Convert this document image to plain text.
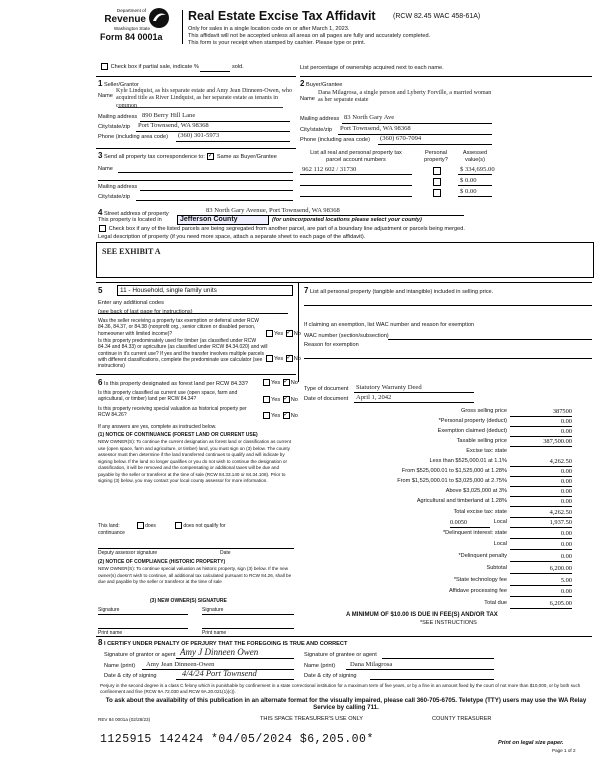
Department of
Revenue
Washington State
Form 84 0001a
Real Estate Excise Tax Affidavit (RCW 82.45 WAC 458-61A)
Only for sales in a single location code on or after March 1, 2023.
This affidavit will not be accepted unless all areas on all pages are fully and accurately completed.
This form is your receipt when stamped by cashier. Please type or print.
Check box if partial sale, indicate %	sold.	List percentage of ownership acquired next to each name.
1 Seller/Grantor
Name
Kyle Lindquist, as his separate estate and Amy Jean Dinneen-Owen, who acquired title as River Lindquist, as her separate estate as tenants in common
Mailing address 890 Berry Hill Lane
City/state/zip Port Townsend, WA 98368
Phone (including area code) (360) 301-5973
2 Buyer/Grantee
Name
Dana Milagrosa, a single person and Lyberty Forville, a married woman as her separate estate
Mailing address 83 North Gary Ave
City/state/zip Port Townsend, WA 98368
Phone (including area code) (360) 670-7094
3 Send all property tax correspondence to: ✓ Same as Buyer/Grantee
Name
Mailing address
City/state/zip
List all real and personal property tax parcel account numbers
Personal property?
Assessed value(s)
962 112 602 / 31730	$ 334,695.00
$ 0.00
$ 0.00
4 Street address of property	83 North Gary Avenue, Port Townsend, WA 98368
This property is located in	Jefferson County	(for unincorporated locations please select your county)
Check box if any of the listed parcels are being segregated from another parcel, are part of a boundary line adjustment or parcels being merged.
Legal description of property (if you need more space, attach a separate sheet to each page of the affidavit).
SEE EXHIBIT A
5	11 - Household, single family units
Enter any additional codes
(see back of last page for instructions)
Was the seller receiving a property tax exemption or deferral under RCW 84.36, 84.37, or 84.38 (nonprofit org., senior citizen or disabled person, homeowner with limited income)?	Yes ✓ No
Is this property predominately used for timber (as classified under RCW 84.34 and 84.33) or agriculture (as classified under RCW 84.34.020) and will continue in it's current use? If yes and the transfer involves multiple parcels with different classifications, complete the predominate use calculator (see instructions)
Yes ✓ No
7 List all personal property (tangible and intangible) included in selling price.
If claiming an exemption, list WAC number and reason for exemption
WAC number (section/subsection)
Reason for exemption
6 Is this property designated as forest land per RCW 84.33?	Yes ✓ No
Is this property classified as current use (open space, farm and agricultural, or timber) land per RCW 84.34?	Yes ✓ No
Is this property receiving special valuation as historical property per RCW 84.26?	Yes ✓ No
If any answers are yes, complete as instructed below.
(1) NOTICE OF CONTINUANCE (FOREST LAND OR CURRENT USE)
NEW OWNER(S): To continue the current designation as forest land or classification as current use (open space, farm and agriculture, or timber) land, you must sign on (3) below. The county assessor must then determine if the land transferred continues to qualify and will indicate by signing below. If the land no longer qualifies or you do not wish to continue the designation or classification, it will be removed and the compensating or additional taxes will be due and payable by the seller or transferor at the time of sale (RCW 84.33.140 or 84.34.108). Prior to signing (3) below, you may contact your local county assessor for more information.
This land:	does	does not qualify for
continuance
Deputy assessor signature	Date
(2) NOTICE OF COMPLIANCE (HISTORIC PROPERTY)
NEW OWNER(S): To continue special valuation as historic property, sign (3) below. If the new owner(s) doesn't wish to continue, all additional tax calculated pursuant to RCW 84.26, shall be due and payable by the seller or transferor at the time of sale
(3) NEW OWNER(S) SIGNATURE
Signature	Signature
Print name	Print name
Type of document Statutory Warranty Deed
Date of document April 1, 2042
Gross selling price	387500
*Personal property (deduct)	0.00
Exemption claimed (deduct)	0.00
Taxable selling price	387,500.00
Excise tax: state
Less than $525,000.01 at 1.1%	4,262.50
From $525,000.01 to $1,525,000 at 1.28%	0.00
From $1,525,000.01 to $3,025,000 at 2.75%	0.00
Above $3,025,000 at 3%	0.00
Agricultural and timberland at 1.28%	0.00
Total excise tax: state	4,262.50
0.0050	Local	1,937.50
*Delinquent interest: state	0.00
Local	0.00
*Delinquent penalty	0.00
Subtotal	6,200.00
*State technology fee	5.00
Affidave processing fee	0.00
Total due	6,205.00
A MINIMUM OF $10.00 IS DUE IN FEE(S) AND/OR TAX
*SEE INSTRUCTIONS
8 I CERTIFY UNDER PENALTY OF PERJURY THAT THE FOREGOING IS TRUE AND CORRECT
Signature of grantor or agent Amy J Dinneen Owen	Signature of grantee or agent
Name (print) Amy Jean Dinneen-Owen	Name (print) Dana Milagrosa
Date & city of signing	4/4/24 Port Townsend	Date & city of signing
Perjury in the second degree is a class C felony which is punishable by confinement in a state correctional institution for a maximum term of five years, or by a fine in an amount fixed by the court of not more than $10,000, or by both such confinement and fine (RCW 9A.72.030 and RCW 9A.20.021(1)(c)).
To ask about the availability of this publication in an alternate format for the visually impaired, please call 360-705-6705. Teletype (TTY) users may use the WA Relay Service by calling 711.
REV 84 0001a (02/28/23)	THIS SPACE TREASURER'S USE ONLY	COUNTY TREASURER
1125915 142424 *04/05/2024 $6,205.00*	Print on legal size paper.
Page 1 of 2
